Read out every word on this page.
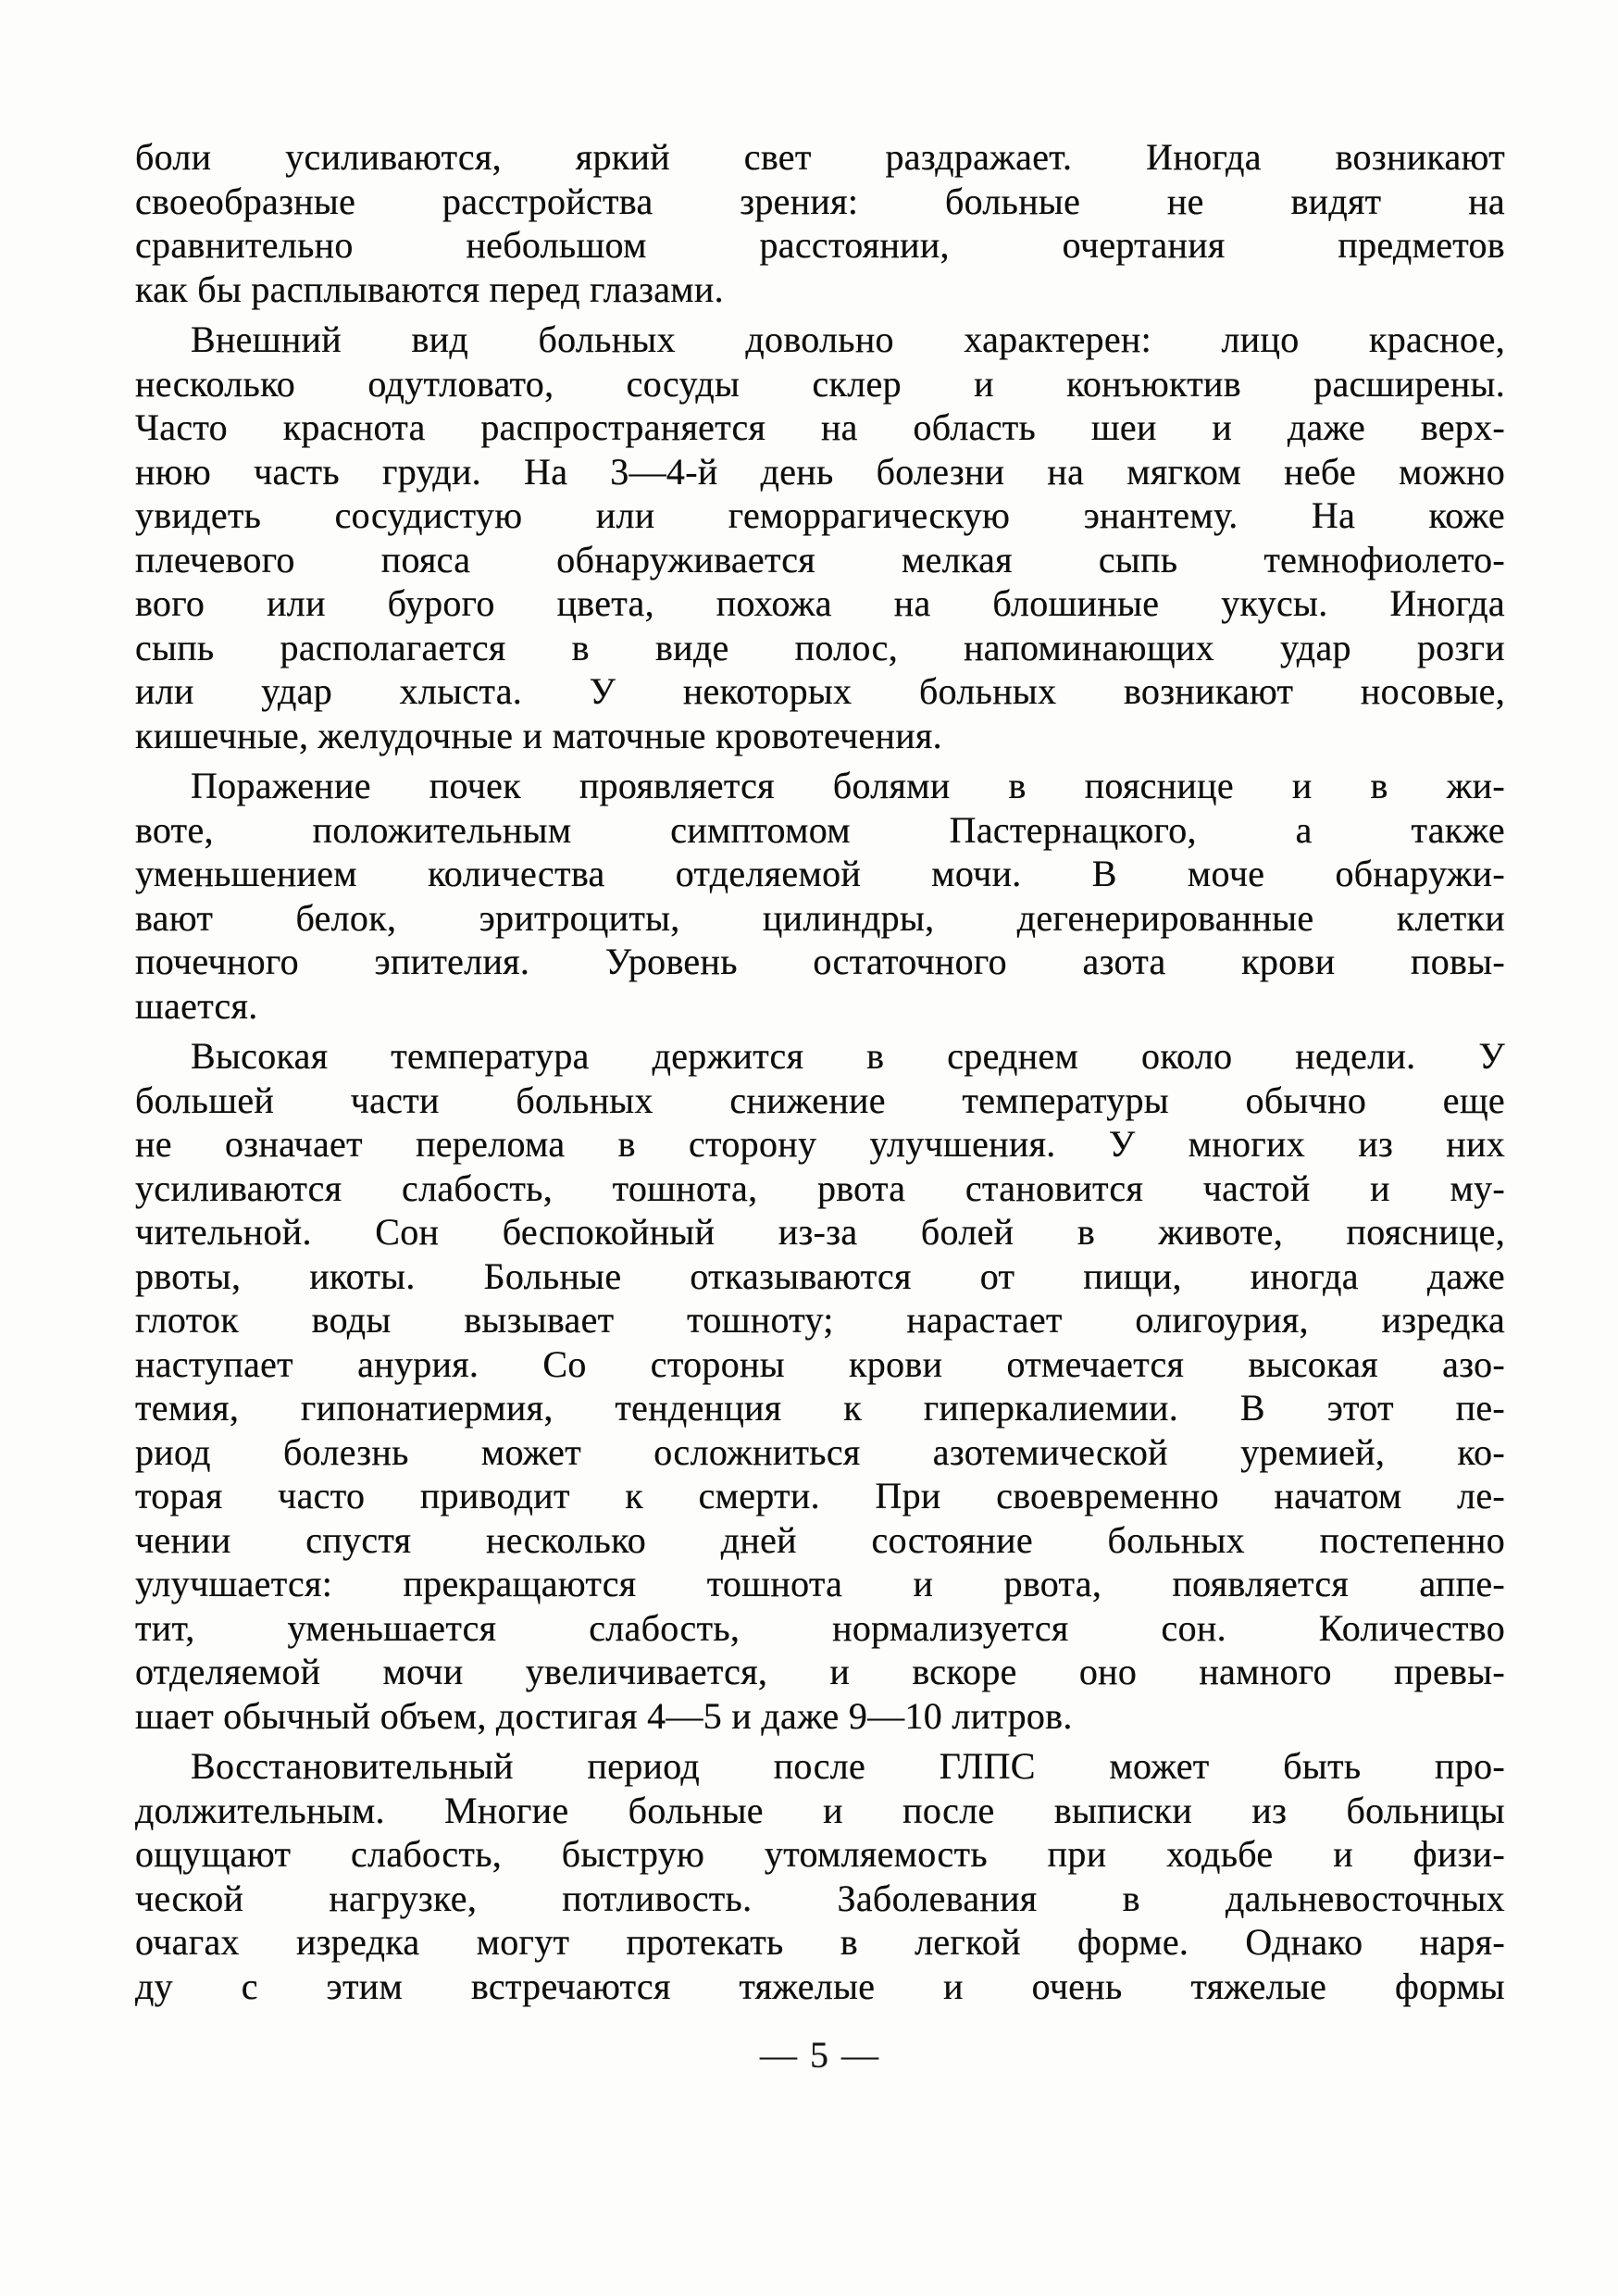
боли усиливаются, яркий свет раздражает. Иногда возникают
своеобразные расстройства зрения: больные не видят на
сравнительно небольшом расстоянии, очертания предметов
как бы расплываются перед глазами.
Внешний вид больных довольно характерен: лицо красное,
несколько одутловато, сосуды склер и конъюктив расширены.
Часто краснота распространяется на область шеи и даже верх-
нюю часть груди. На 3—4-й день болезни на мягком небе можно
увидеть сосудистую или геморрагическую энантему. На коже
плечевого пояса обнаруживается мелкая сыпь темнофиолето-
вого или бурого цвета, похожа на блошиные укусы. Иногда
сыпь располагается в виде полос, напоминающих удар розги
или удар хлыста. У некоторых больных возникают носовые,
кишечные, желудочные и маточные кровотечения.
Поражение почек проявляется болями в пояснице и в жи-
воте, положительным симптомом Пастернацкого, а также
уменьшением количества отделяемой мочи. В моче обнаружи-
вают белок, эритроциты, цилиндры, дегенерированные клетки
почечного эпителия. Уровень остаточного азота крови повы-
шается.
Высокая температура держится в среднем около недели. У
большей части больных снижение температуры обычно еще
не означает перелома в сторону улучшения. У многих из них
усиливаются слабость, тошнота, рвота становится частой и му-
чительной. Сон беспокойный из-за болей в животе, пояснице,
рвоты, икоты. Больные отказываются от пищи, иногда даже
глоток воды вызывает тошноту; нарастает олигоурия, изредка
наступает анурия. Со стороны крови отмечается высокая азо-
темия, гипонатиермия, тенденция к гиперкалиемии. В этот пе-
риод болезнь может осложниться азотемической уремией, ко-
торая часто приводит к смерти. При своевременно начатом ле-
чении спустя несколько дней состояние больных постепенно
улучшается: прекращаются тошнота и рвота, появляется аппе-
тит, уменьшается слабость, нормализуется сон. Количество
отделяемой мочи увеличивается, и вскоре оно намного превы-
шает обычный объем, достигая 4—5 и даже 9—10 литров.
Восстановительный период после ГЛПС может быть про-
должительным. Многие больные и после выписки из больницы
ощущают слабость, быструю утомляемость при ходьбе и физи-
ческой нагрузке, потливость. Заболевания в дальневосточных
очагах изредка могут протекать в легкой форме. Однако наря-
ду с этим встречаются тяжелые и очень тяжелые формы
— 5 —
